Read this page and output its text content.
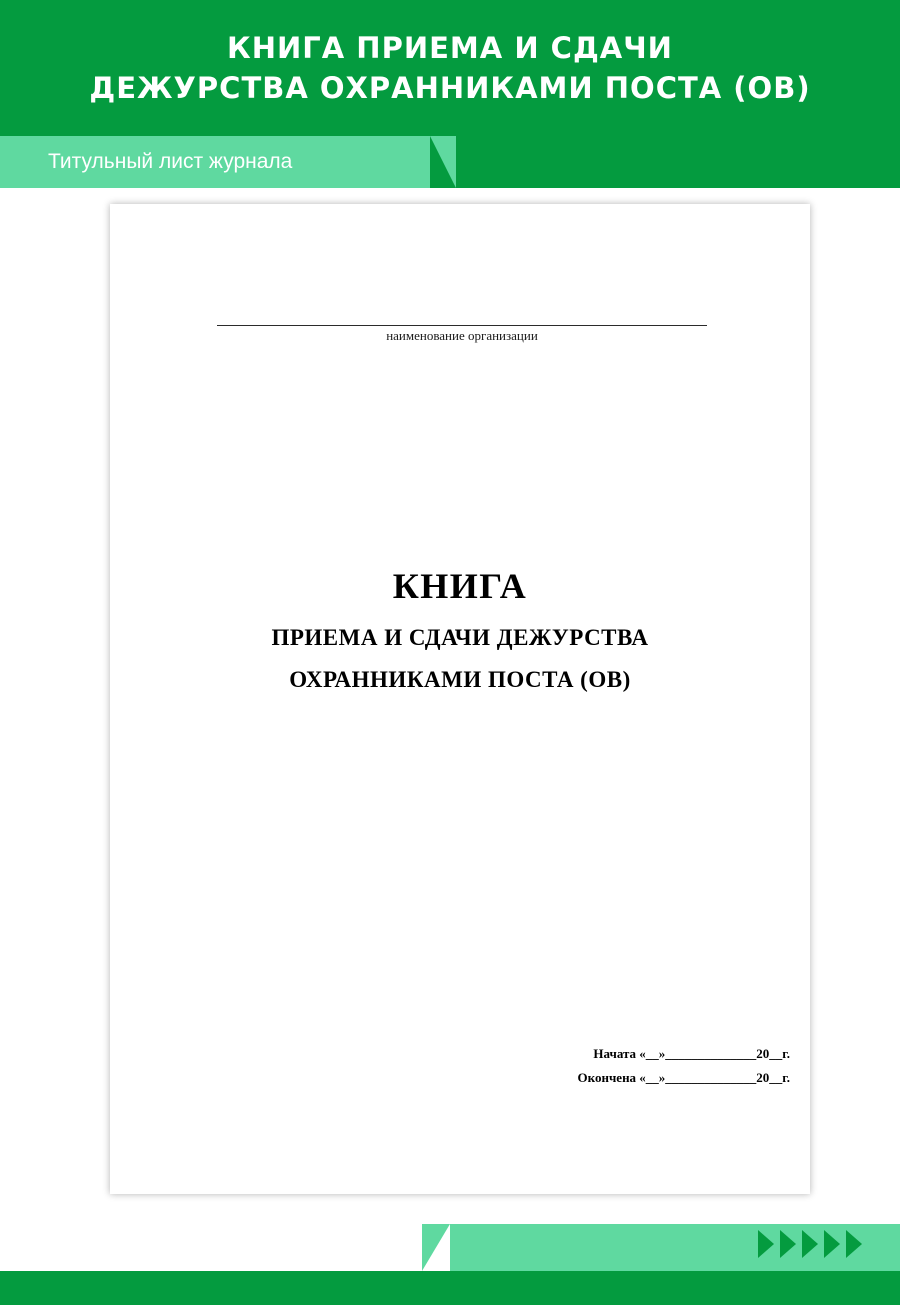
КНИГА ПРИЕМА И СДАЧИ
ДЕЖУРСТВА ОХРАННИКАМИ ПОСТА (ОВ)
Титульный лист журнала
наименование организации
КНИГА
ПРИЕМА И СДАЧИ ДЕЖУРСТВА
ОХРАННИКАМИ ПОСТА (ОВ)
Начата «__»______________20__г.
Окончена «__»______________20__г.
